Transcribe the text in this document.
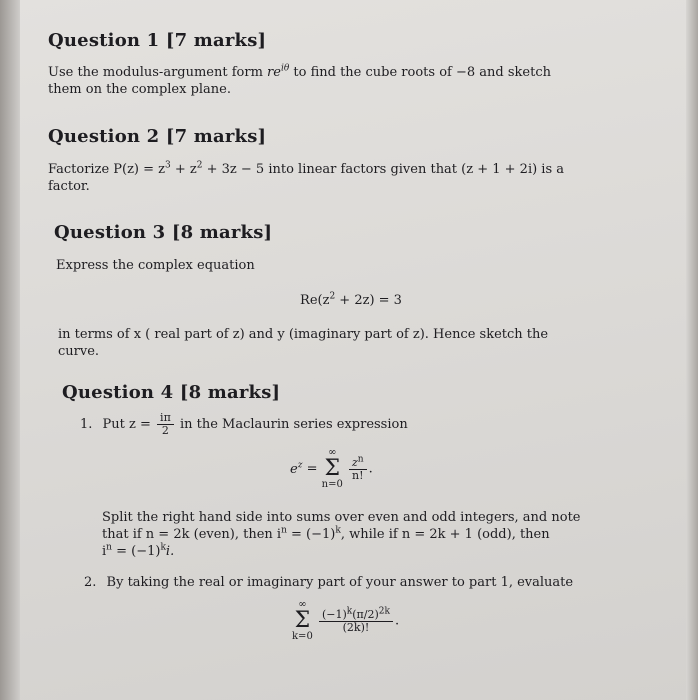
Question 1 [7 marks]
Use the modulus-argument form $re^{i\theta}$ to find the cube roots of −8 and sketch
them on the complex plane.
Question 2 [7 marks]
Factorize $P(z) = z^3 + z^2 + 3z - 5$ into linear factors given that (z + 1 + 2i) is a
factor.
Question 3 [8 marks]
Express the complex equation
$Re(z^2 + 2z) = 3$
in terms of x ( real part of z) and y (imaginary part of z). Hence sketch the
curve.
Question 4 [8 marks]
1. Put $z = \frac{i\pi}{2}$ in the Maclaurin series expression
$e^z$ = ∞
Σ
n=0
$\frac{z^n}{n!}$ .
Split the right hand side into sums over even and odd integers, and note
that if n = 2k (even), then $i^n = (-1)^k$, while if n = 2k + 1 (odd), then
$i^n = (-1)^ki$.
2. By taking the real or imaginary part of your answer to part 1, evaluate
∞
Σ
k=0
$\frac{(-1)^k(\pi/2)^{2k}}{(2k)!}$ .
